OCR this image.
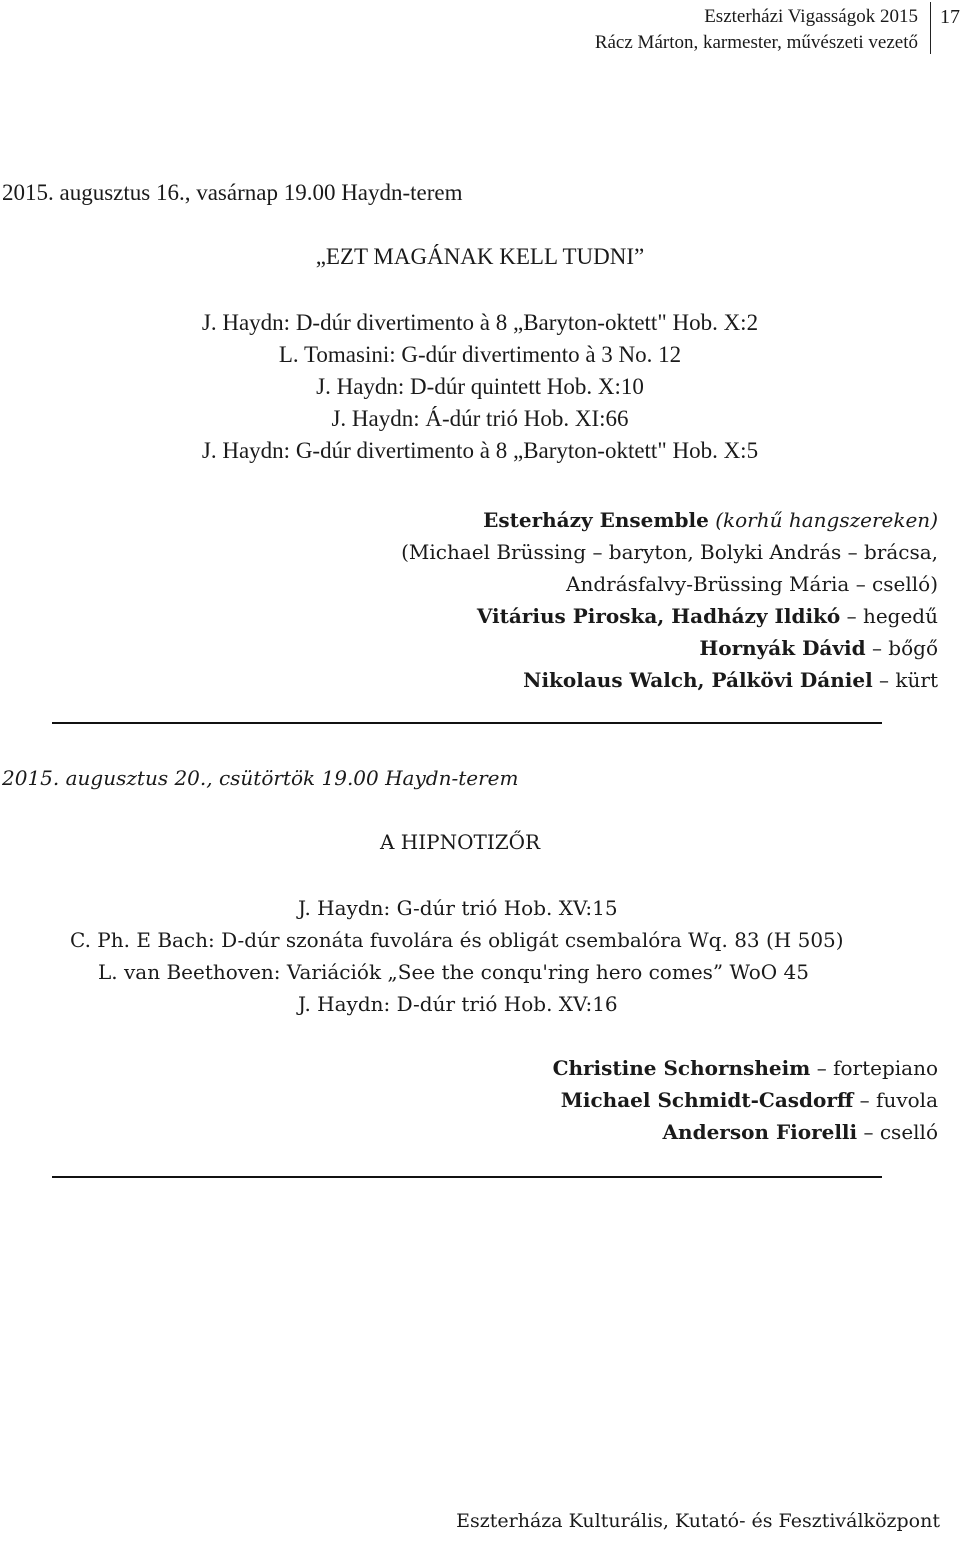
Eszterházi Vigasságok 2015
Rácz Márton, karmester, művészeti vezető
17
2015. augusztus 16., vasárnap 19.00 Haydn-terem
„EZT MAGÁNAK KELL TUDNI”
J. Haydn: D-dúr divertimento à 8 „Baryton-oktett" Hob. X:2
L. Tomasini: G-dúr divertimento à 3 No. 12
J. Haydn: D-dúr quintett Hob. X:10
J. Haydn: Á-dúr trió Hob. XI:66
J. Haydn: G-dúr divertimento à 8 „Baryton-oktett" Hob. X:5
Esterházy Ensemble (korhű hangszereken)
(Michael Brüssing – baryton, Bolyki András – brácsa,
Andrásfalvy-Brüssing Mária – cselló)
Vitárius Piroska, Hadházy Ildikó – hegedű
Hornyák Dávid – bőgő
Nikolaus Walch, Pálkövi Dániel – kürt
2015. augusztus 20., csütörtök 19.00 Haydn-terem
A HIPNOTIZŐR
J. Haydn: G-dúr trió Hob. XV:15
C. Ph. E Bach: D-dúr szonáta fuvolára és obligát csembalóra Wq. 83 (H 505)
L. van Beethoven: Variációk „See the conqu'ring hero comes” WoO 45
J. Haydn: D-dúr trió Hob. XV:16
Christine Schornsheim – fortepiano
Michael Schmidt-Casdorff – fuvola
Anderson Fiorelli – cselló
Eszterháza Kulturális, Kutató- és Fesztiválközpont
